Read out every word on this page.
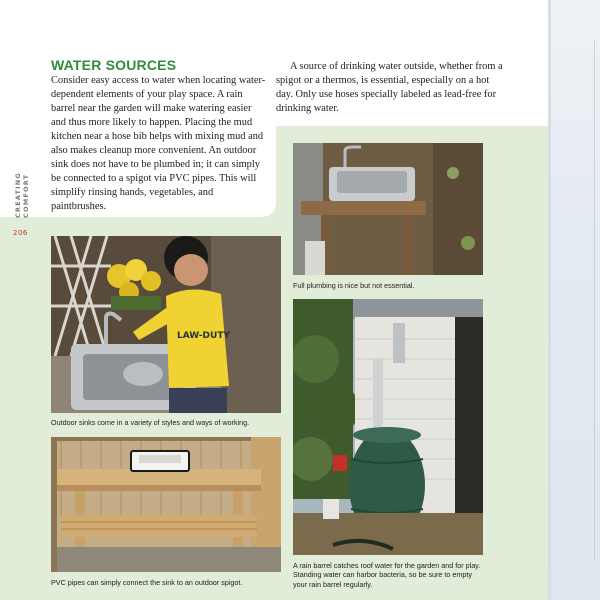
CREATING COMFORT
206
WATER SOURCES

Consider easy access to water when locating water-dependent elements of your play space. A rain barrel near the garden will make watering easier and thus more likely to happen. Placing the mud kitchen near a hose bib helps with mixing mud and also makes cleanup more convenient. An outdoor sink does not have to be plumbed in; it can simply be connected to a spigot via PVC pipes. This will simplify rinsing hands, vegetables, and paintbrushes.

A source of drinking water outside, whether from a spigot or a thermos, is essential, especially on a hot day. Only use hoses specially labeled as lead-free for drinking water.

Full plumbing is nice but not essential.

LAW-DUTY

Outdoor sinks come in a variety of styles and ways of working.

A rain barrel catches roof water for the garden and for play. Standing water can harbor bacteria, so be sure to empty your rain barrel regularly.

PVC pipes can simply connect the sink to an outdoor spigot.
